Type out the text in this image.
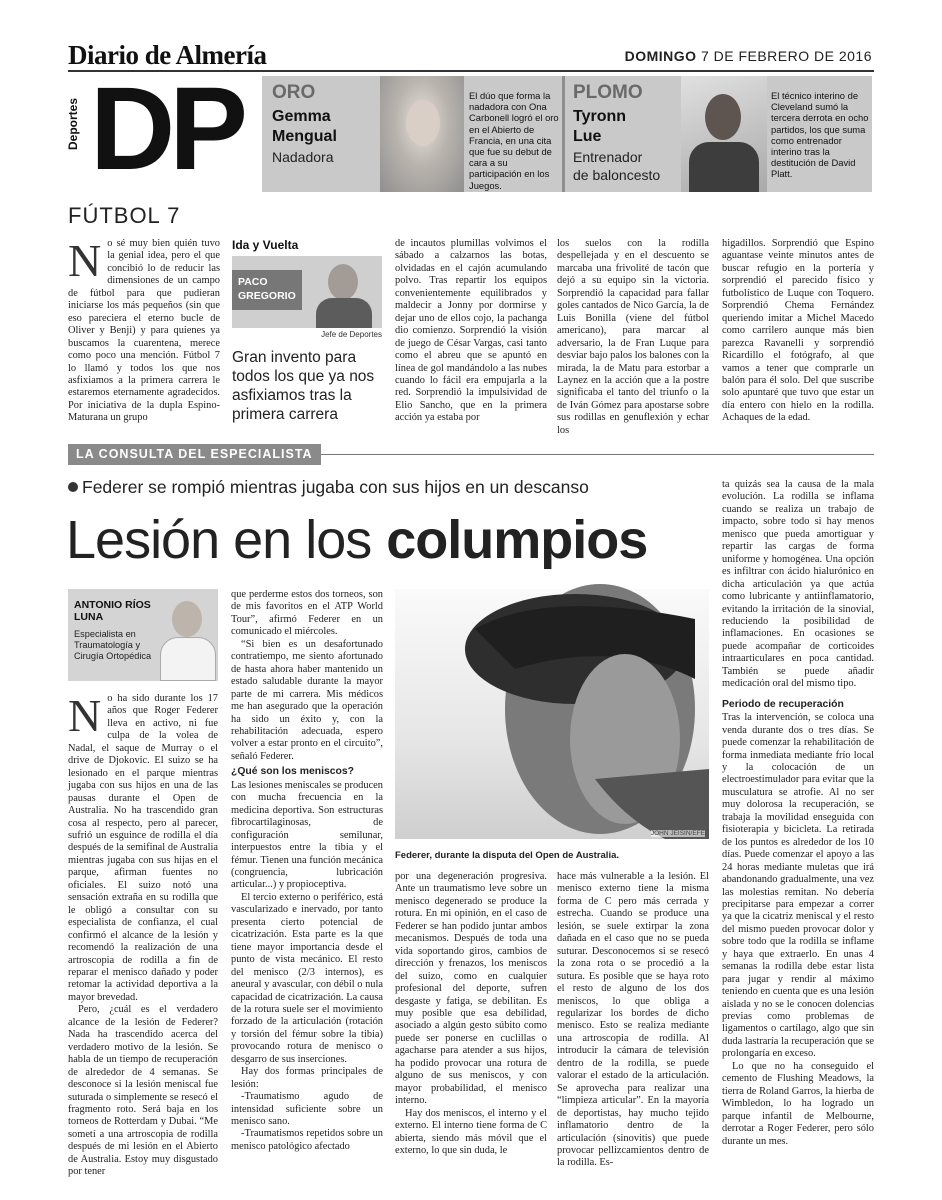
Diario de Almería	DOMINGO 7 DE FEBRERO DE 2016
Deportes DP ORO
Gemma
Mengual
Nadadora
El dúo que forma la nadadora con Ona Carbonell logró el oro en el Abierto de Francia, en una cita que fue su debut de cara a su participación en los Juegos.
PLOMO
Tyronn
Lue
Entrenador
de baloncesto
El técnico interino de Cleveland sumó la tercera derrota en ocho partidos, los que suma como entrenador interino tras la destitución de David Platt.
FÚTBOL 7
N o sé muy bien quién tuvo la genial idea, pero el que concibió lo de reducir las dimensiones de un campo de fútbol para que pudieran iniciarse los más pequeños (sin que eso pareciera el eterno bucle de Oliver y Benji) y para quienes ya buscamos la cuarentena, merece como poco una mención. Fútbol 7 lo llamó y todos los que nos asfixiamos a la primera carrera le estaremos eternamente agradecidos. Por iniciativa de la dupla Espino-Maturana un grupo
Ida y Vuelta
PACO
GREGORIO
Jefe de Deportes
Gran invento para todos los que ya nos asfixiamos tras la primera carrera

de incautos plumillas volvimos el sábado a calzarnos las botas, olvidadas en el cajón acumulando polvo. Tras repartir los equipos convenientemente equilibrados y maldecir a Jonny por dormirse y dejar uno de ellos cojo, la pachanga dio comienzo. Sorprendió la visión de juego de César Vargas, casi tanto como el abreu que se apuntó en línea de gol mandándolo a las nubes cuando lo fácil era empujarla a la red. Sorprendió la impulsividad de Elio Sancho, que en la primera acción ya estaba por

los suelos con la rodilla despellejada y en el descuento se marcaba una frivolité de tacón que dejó a su equipo sin la victoria. Sorprendió la capacidad para fallar goles cantados de Nico García, la de Luis Bonilla (viene del fútbol americano), para marcar al adversario, la de Fran Luque para desviar bajo palos los balones con la mirada, la de Matu para estorbar a Laynez en la acción que a la postre significaba el tanto del triunfo o la de Iván Gómez para apostarse sobre sus rodillas en genuflexión y echar los

higadillos. Sorprendió que Espino aguantase veinte minutos antes de buscar refugio en la portería y sorprendió el parecido físico y futbolístico de Luque con Toquero. Sorprendió Chema Fernández queriendo imitar a Michel Macedo como carrilero aunque más bien parezca Ravanelli y sorprendió Ricardillo el fotógrafo, al que vamos a tener que comprarle un balón para él solo. Del que suscribe solo apuntaré que tuvo que estar un día entero con hielo en la rodilla. Achaques de la edad.

LA CONSULTA DEL ESPECIALISTA
Federer se rompió mientras jugaba con sus hijos en un descanso
Lesión en los columpios
ANTONIO RÍOS
LUNA
Especialista en Traumatología y Cirugía Ortopédica
N o ha sido durante los 17 años que Roger Federer lleva en activo, ni fue culpa de la volea de Nadal, el saque de Murray o el drive de Djokovic. El suizo se ha lesionado en el parque mientras jugaba con sus hijos en una de las pausas durante el Open de Australia. No ha trascendido gran cosa al respecto, pero al parecer, sufrió un esguince de rodilla el día después de la semifinal de Australia mientras jugaba con sus hijas en el parque, afirman fuentes no oficiales. El suizo notó una sensación extraña en su rodilla que le obligó a consultar con su especialista de confianza, el cual confirmó el alcance de la lesión y recomendó la realización de una artroscopia de rodilla a fin de reparar el menisco dañado y poder retomar la actividad deportiva a la mayor brevedad.

Pero, ¿cuál es el verdadero alcance de la lesión de Federer? Nada ha trascendido acerca del verdadero motivo de la lesión. Se habla de un tiempo de recuperación de alrededor de 4 semanas. Se desconoce si la lesión meniscal fue suturada o simplemente se resecó el fragmento roto. Será baja en los torneos de Rotterdam y Dubai. “Me sometí a una artroscopia de rodilla después de mi lesión en el Abierto de Australia. Estoy muy disgustado por tener

que perderme estos dos torneos, son de mis favoritos en el ATP World Tour”, afirmó Federer en un comunicado el miércoles.

“Si bien es un desafortunado contratiempo, me siento afortunado de hasta ahora haber mantenido un estado saludable durante la mayor parte de mi carrera. Mis médicos me han asegurado que la operación ha sido un éxito y, con la rehabilitación adecuada, espero volver a estar pronto en el circuito”, señaló Federer.

¿Qué son los meniscos?

Las lesiones meniscales se producen con mucha frecuencia en la medicina deportiva. Son estructuras fibrocartilaginosas, de configuración semilunar, interpuestos entre la tibia y el fémur. Tienen una función mecánica (congruencia, lubricación articular...) y propioceptiva.

El tercio externo o periférico, está vascularizado e inervado, por tanto presenta cierto potencial de cicatrización. Esta parte es la que tiene mayor importancia desde el punto de vista mecánico. El resto del menisco (2/3 internos), es aneural y avascular, con débil o nula capacidad de cicatrización. La causa de la rotura suele ser el movimiento forzado de la articulación (rotación y torsión del fémur sobre la tibia) provocando rotura de menisco o desgarro de sus inserciones.

Hay dos formas principales de lesión:

-Traumatismo agudo de intensidad suficiente sobre un menisco sano.

-Traumatismos repetidos sobre un menisco patológico afectado

JOHN JEISIN/EFE
Federer, durante la disputa del Open de Australia.

por una degeneración progresiva. Ante un traumatismo leve sobre un menisco degenerado se produce la rotura. En mi opinión, en el caso de Federer se han podido juntar ambos mecanismos. Después de toda una vida soportando giros, cambios de dirección y frenazos, los meniscos del suizo, como en cualquier profesional del deporte, sufren desgaste y fatiga, se debilitan. Es muy posible que esa debilidad, asociado a algún gesto súbito como puede ser ponerse en cuclillas o agacharse para atender a sus hijos, ha podido provocar una rotura de alguno de sus meniscos, y con mayor probabilidad, el menisco interno.

Hay dos meniscos, el interno y el externo. El interno tiene forma de C abierta, siendo más móvil que el externo, lo que sin duda, le

hace más vulnerable a la lesión. El menisco externo tiene la misma forma de C pero más cerrada y estrecha. Cuando se produce una lesión, se suele extirpar la zona dañada en el caso que no se pueda suturar. Desconocemos si se resecó la zona rota o se procedió a la sutura. Es posible que se haya roto el resto de alguno de los dos meniscos, lo que obliga a regularizar los bordes de dicho menisco. Esto se realiza mediante una artroscopia de rodilla. Al introducir la cámara de televisión dentro de la rodilla, se puede valorar el estado de la articulación. Se aprovecha para realizar una “limpieza articular”. En la mayoría de deportistas, hay mucho tejido inflamatorio dentro de la articulación (sinovitis) que puede provocar pellizcamientos dentro de la rodilla. Es-

ta quizás sea la causa de la mala evolución. La rodilla se inflama cuando se realiza un trabajo de impacto, sobre todo si hay menos menisco que pueda amortiguar y repartir las cargas de forma uniforme y homogénea. Una opción es infiltrar con ácido hialurónico en dicha articulación ya que actúa como lubricante y antiinflamatorio, evitando la irritación de la sinovial, reduciendo la posibilidad de inflamaciones. En ocasiones se puede acompañar de corticoides intraarticulares en poca cantidad. También se puede añadir medicación oral del mismo tipo.

Periodo de recuperación

Tras la intervención, se coloca una venda durante dos o tres días. Se puede comenzar la rehabilitación de forma inmediata mediante frío local y la colocación de un electroestimulador para evitar que la musculatura se atrofie. Al no ser muy dolorosa la recuperación, se trabaja la movilidad enseguida con fisioterapia y bicicleta. La retirada de los puntos es alrededor de los 10 días. Puede comenzar el apoyo a las 24 horas mediante muletas que irá abandonando gradualmente, una vez las molestias remitan. No debería precipitarse para empezar a correr ya que la cicatriz meniscal y el resto del mismo pueden provocar dolor y sobre todo que la rodilla se inflame y haya que extraerlo. En unas 4 semanas la rodilla debe estar lista para jugar y rendir al máximo teniendo en cuenta que es una lesión aislada y no se le conocen dolencias previas como problemas de ligamentos o cartílago, algo que sin duda lastraría la recuperación que se prolongaría en exceso.

Lo que no ha conseguido el cemento de Flushing Meadows, la tierra de Roland Garros, la hierba de Wimbledon, lo ha logrado un parque infantil de Melbourne, derrotar a Roger Federer, pero sólo durante un mes.
